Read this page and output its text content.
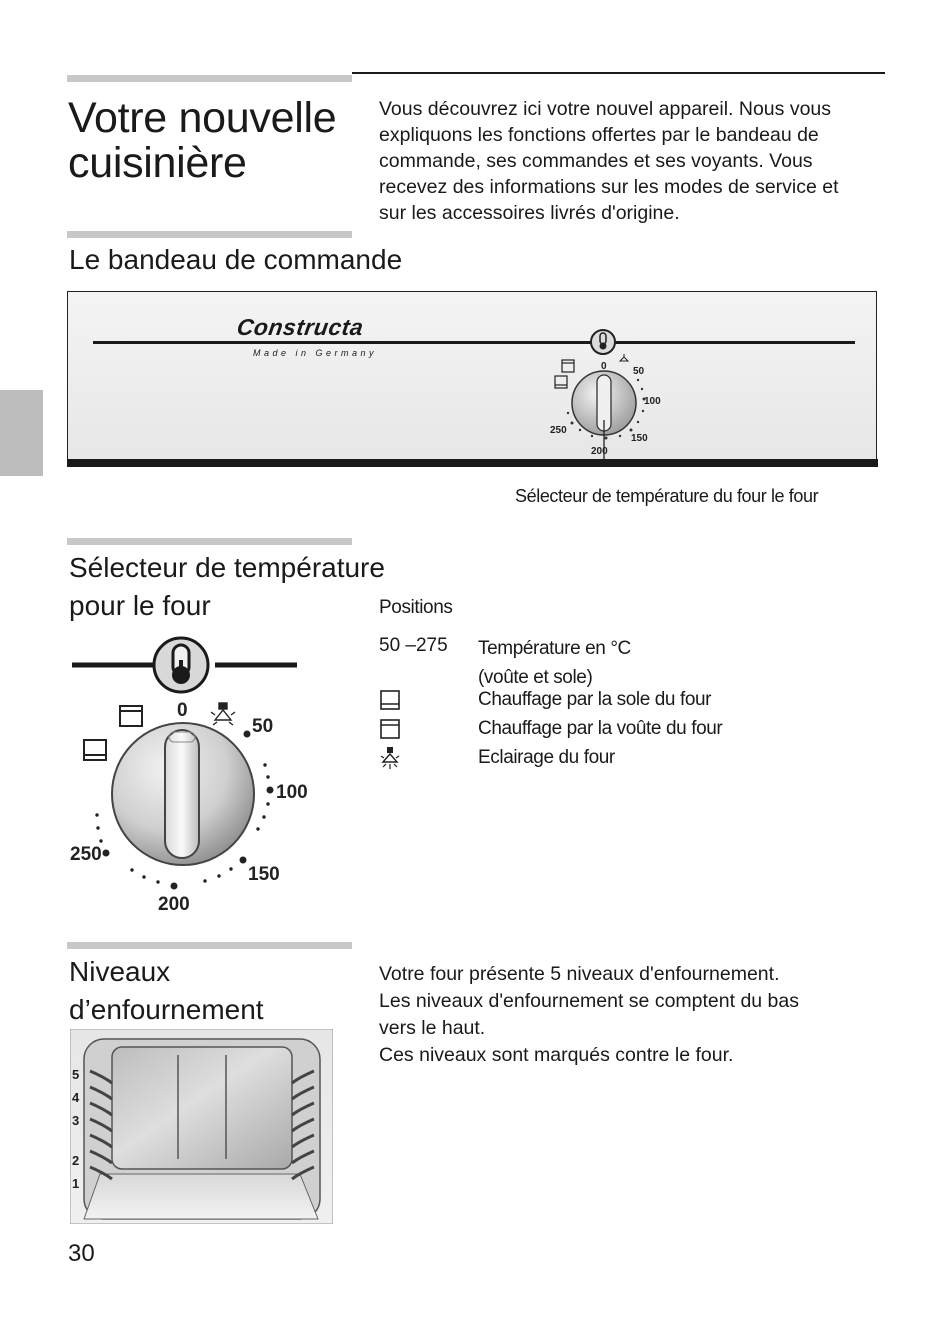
Votre nouvelle
cuisinière
Vous découvrez ici votre nouvel appareil. Nous vous
expliquons les fonctions offertes par le bandeau de
commande, ses commandes et ses voyants. Vous
recevez des informations sur les modes de service et
sur les accessoires livrés d'origine.
Le bandeau de commande
Constructa
Made in Germany
0	50
100
150
200
250
Sélecteur de température du four le four
Sélecteur de température
pour le four	Positions
50 –275 Température en °C
(voûte et sole)
Chauffage par la sole du four
Chauffage par la voûte du four
Eclairage du four
0
50
100
150
200
250
Niveaux
d’enfournement
Votre four présente 5 niveaux d'enfournement.
Les niveaux d'enfournement se comptent du bas
vers le haut.
Ces niveaux sont marqués contre le four.
5
4
3
2
1
30
